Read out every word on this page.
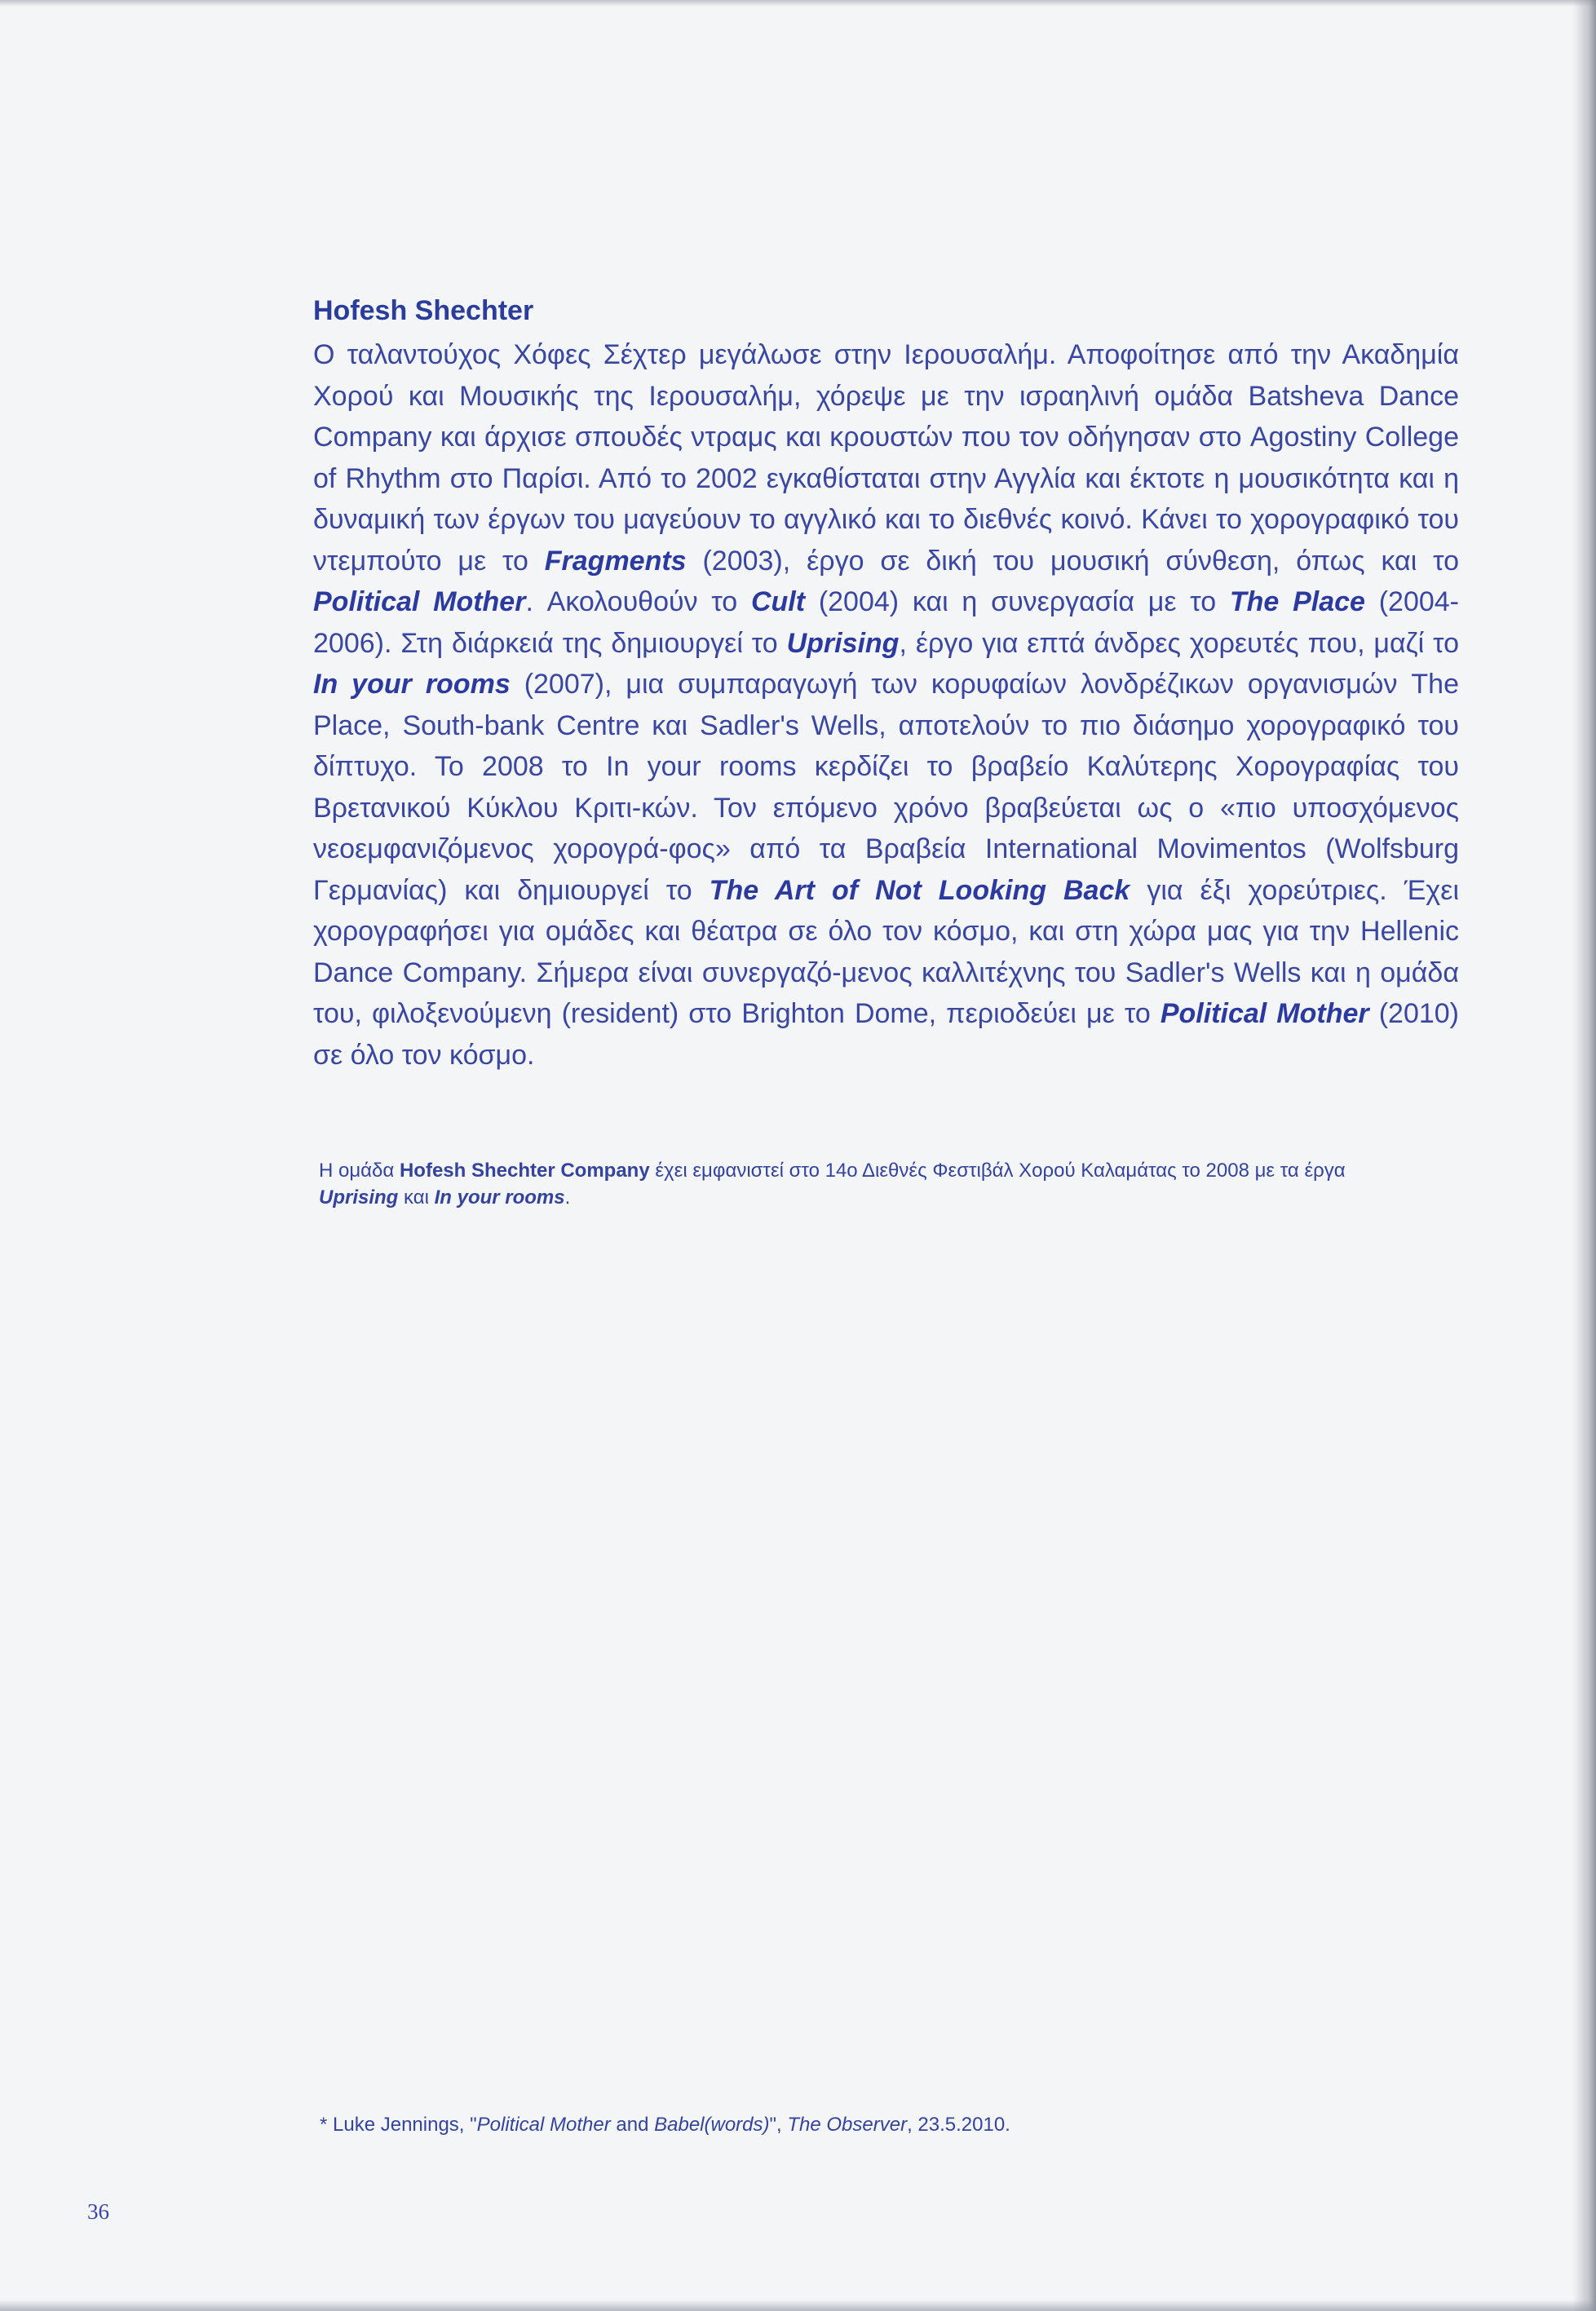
Hofesh Shechter

Ο ταλαντούχος Χόφες Σέχτερ μεγάλωσε στην Ιερουσαλήμ. Αποφοίτησε από την Ακαδημία Χορού και Μουσικής της Ιερουσαλήμ, χόρεψε με την ισραηλινή ομάδα Batsheva Dance Company και άρχισε σπουδές ντραμς και κρουστών που τον οδήγησαν στο Agostiny College of Rhythm στο Παρίσι. Από το 2002 εγκαθίσταται στην Αγγλία και έκτοτε η μουσικότητα και η δυναμική των έργων του μαγεύουν το αγγλικό και το διεθνές κοινό. Κάνει το χορογραφικό του ντεμπούτο με το Fragments (2003), έργο σε δική του μουσική σύνθεση, όπως και το Political Mother. Ακολουθούν το Cult (2004) και η συνεργασία με το The Place (2004-2006). Στη διάρκειά της δημιουργεί το Uprising, έργο για επτά άνδρες χορευτές που, μαζί το In your rooms (2007), μια συμπαραγωγή των κορυφαίων λονδρέζικων οργανισμών The Place, South-bank Centre και Sadler's Wells, αποτελούν το πιο διάσημο χορογραφικό του δίπτυχο. Το 2008 το In your rooms κερδίζει το βραβείο Καλύτερης Χορογραφίας του Βρετανικού Κύκλου Κριτι-κών. Τον επόμενο χρόνο βραβεύεται ως ο «πιο υποσχόμενος νεοεμφανιζόμενος χορογρά-φος» από τα Βραβεία International Movimentos (Wolfsburg Γερμανίας) και δημιουργεί το The Art of Not Looking Back για έξι χορεύτριες. Έχει χορογραφήσει για ομάδες και θέατρα σε όλο τον κόσμο, και στη χώρα μας για την Hellenic Dance Company. Σήμερα είναι συνεργαζό-μενος καλλιτέχνης του Sadler's Wells και η ομάδα του, φιλοξενούμενη (resident) στο Brighton Dome, περιοδεύει με το Political Mother (2010) σε όλο τον κόσμο.

Η ομάδα Hofesh Shechter Company έχει εμφανιστεί στο 14ο Διεθνές Φεστιβάλ Χορού Καλαμάτας το 2008 με τα έργα Uprising και In your rooms.

* Luke Jennings, "Political Mother and Babel(words)", The Observer, 23.5.2010.

36
